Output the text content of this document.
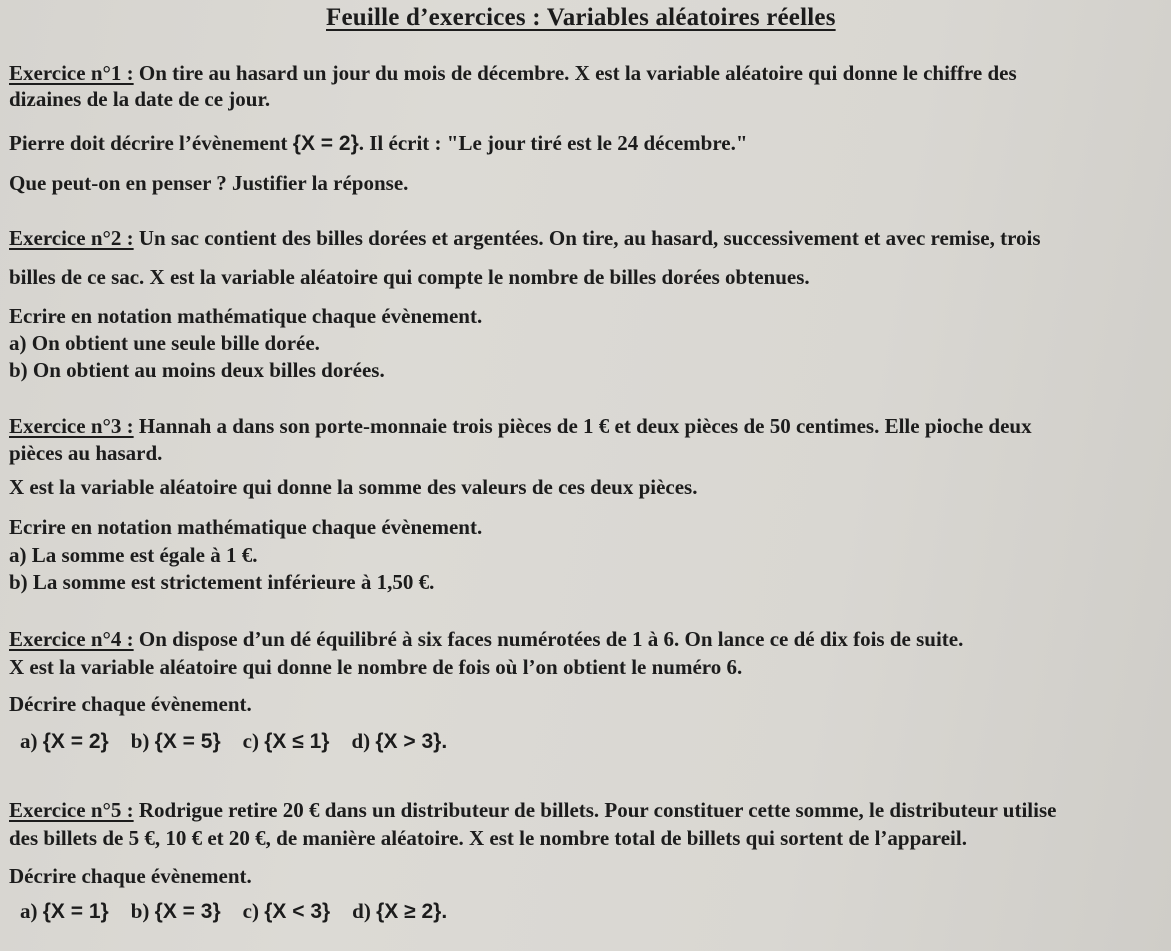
Feuille d’exercices : Variables aléatoires réelles
Exercice n°1 : On tire au hasard un jour du mois de décembre. X est la variable aléatoire qui donne le chiffre des
dizaines de la date de ce jour.
Pierre doit décrire l’évènement {X = 2}. Il écrit : "Le jour tiré est le 24 décembre."
Que peut-on en penser ? Justifier la réponse.
Exercice n°2 : Un sac contient des billes dorées et argentées. On tire, au hasard, successivement et avec remise, trois
billes de ce sac. X est la variable aléatoire qui compte le nombre de billes dorées obtenues.
Ecrire en notation mathématique chaque évènement.
a) On obtient une seule bille dorée.
b) On obtient au moins deux billes dorées.
Exercice n°3 : Hannah a dans son porte-monnaie trois pièces de 1 € et deux pièces de 50 centimes. Elle pioche deux
pièces au hasard.
X est la variable aléatoire qui donne la somme des valeurs de ces deux pièces.
Ecrire en notation mathématique chaque évènement.
a) La somme est égale à 1 €.
b) La somme est strictement inférieure à 1,50 €.
Exercice n°4 : On dispose d’un dé équilibré à six faces numérotées de 1 à 6. On lance ce dé dix fois de suite.
X est la variable aléatoire qui donne le nombre de fois où l’on obtient le numéro 6.
Décrire chaque évènement.
a) {X = 2} b) {X = 5} c) {X ≤ 1} d) {X > 3}.
Exercice n°5 : Rodrigue retire 20 € dans un distributeur de billets. Pour constituer cette somme, le distributeur utilise
des billets de 5 €, 10 € et 20 €, de manière aléatoire. X est le nombre total de billets qui sortent de l’appareil.
Décrire chaque évènement.
a) {X = 1} b) {X = 3} c) {X < 3} d) {X ≥ 2}.
